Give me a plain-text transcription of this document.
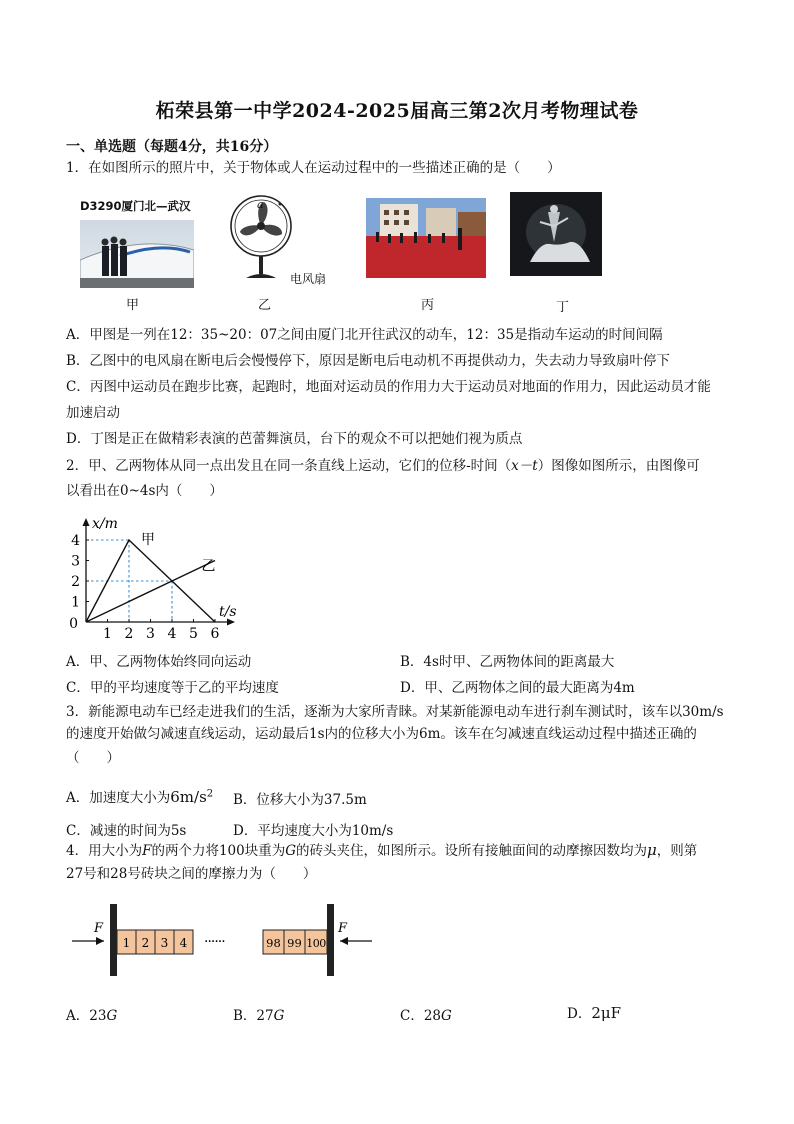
柘荣县第一中学2024-2025届高三第2次月考物理试卷
一、单选题（每题4分，共16分）
1．在如图所示的照片中，关于物体或人在运动过程中的一些描述正确的是（　　）
D3290厦门北—武汉
甲
a
电风扇
乙	丙	丁
A．甲图是一列在12：35~20：07之间由厦门北开往武汉的动车，12：35是指动车运动的时间间隔
B．乙图中的电风扇在断电后会慢慢停下，原因是断电后电动机不再提供动力，失去动力导致扇叶停下
C．丙图中运动员在跑步比赛，起跑时，地面对运动员的作用力大于运动员对地面的作用力，因此运动员才能
加速启动
D．丁图是正在做精彩表演的芭蕾舞演员，台下的观众不可以把她们视为质点
2．甲、乙两物体从同一点出发且在同一条直线上运动，它们的位移-时间（x－t）图像如图所示，由图像可
以看出在0~4s内（　　）
1 2 3 4 5 6
1
2
3
4
0
x/m
t/s
甲
乙
A．甲、乙两物体始终同向运动	B．4s时甲、乙两物体间的距离最大
C．甲的平均速度等于乙的平均速度	D．甲、乙两物体之间的最大距离为4m
3．新能源电动车已经走进我们的生活，逐渐为大家所青睐。对某新能源电动车进行刹车测试时，该车以30m/s
的速度开始做匀减速直线运动，运动最后1s内的位移大小为6m。该车在匀减速直线运动过程中描述正确的
（　　）
A．加速度大小为$6m/s^2$ B．位移大小为37.5m
C．减速的时间为5s	D．平均速度大小为10m/s
4．用大小为F的两个力将100块重为G的砖头夹住，如图所示。设所有接触面间的动摩擦因数均为μ，则第
27号和28号砖块之间的摩擦力为（　　）
F
1 2 3 4 ······	98 99 100
F
A．23G	B．27G	C．28G	D．2μF
